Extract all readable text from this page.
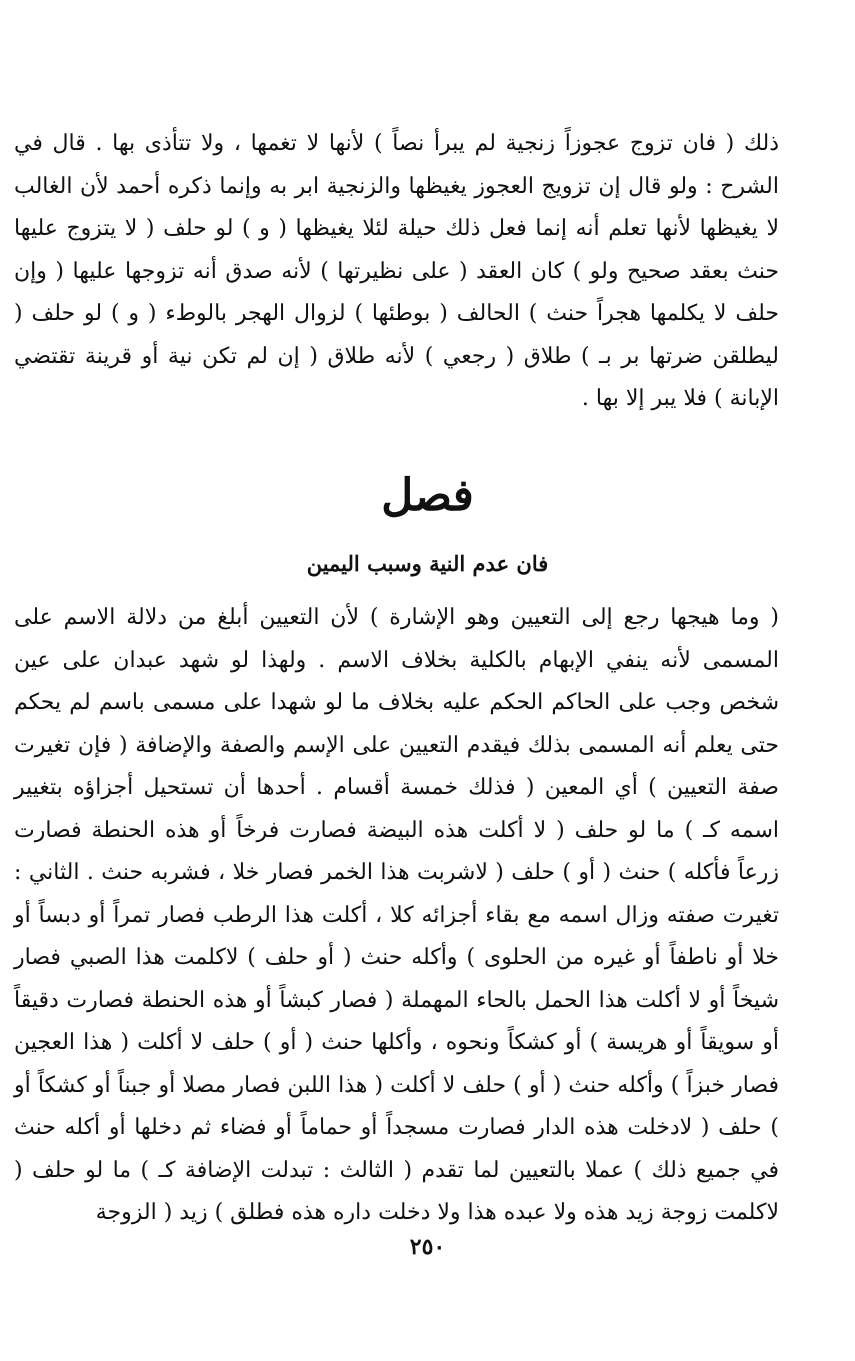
ذلك ( فان تزوج عجوزاً زنجية لم يبرأ نصاً ) لأنها لا تغمها ، ولا تتأذى بها . قال في الشرح : ولو قال إن تزويج العجوز يغيظها والزنجية ابر به وإنما ذكره أحمد لأن الغالب لا يغيظها لأنها تعلم أنه إنما فعل ذلك حيلة لئلا يغيظها ( و ) لو حلف ( لا يتزوج عليها حنث بعقد صحيح ولو ) كان العقد ( على نظيرتها ) لأنه صدق أنه تزوجها عليها ( وإن حلف لا يكلمها هجراً حنث ) الحالف ( بوطئها ) لزوال الهجر بالوطء ( و ) لو حلف ( ليطلقن ضرتها بر بـ ) طلاق ( رجعي ) لأنه طلاق ( إن لم تكن نية أو قرينة تقتضي الإبانة ) فلا يبر إلا بها .

فصل
فان عدم النية وسبب اليمين

( وما هيجها رجع إلى التعيين وهو الإشارة ) لأن التعيين أبلغ من دلالة الاسم على المسمى لأنه ينفي الإبهام بالكلية بخلاف الاسم . ولهذا لو شهد عبدان على عين شخص وجب على الحاكم الحكم عليه بخلاف ما لو شهدا على مسمى باسم لم يحكم حتى يعلم أنه المسمى بذلك فيقدم التعيين على الإسم والصفة والإضافة ( فإن تغيرت صفة التعيين ) أي المعين ( فذلك خمسة أقسام . أحدها أن تستحيل أجزاؤه بتغيير اسمه كـ ) ما لو حلف ( لا أكلت هذه البيضة فصارت فرخاً أو هذه الحنطة فصارت زرعاً فأكله ) حنث ( أو ) حلف ( لاشربت هذا الخمر فصار خلا ، فشربه حنث . الثاني : تغيرت صفته وزال اسمه مع بقاء أجزائه كلا ، أكلت هذا الرطب فصار تمراً أو دبساً أو خلا أو ناطفاً أو غيره من الحلوى ) وأكله حنث ( أو حلف ) لاكلمت هذا الصبي فصار شيخاً أو لا أكلت هذا الحمل بالحاء المهملة ( فصار كبشاً أو هذه الحنطة فصارت دقيقاً أو سويقاً أو هريسة ) أو كشكاً ونحوه ، وأكلها حنث ( أو ) حلف لا أكلت ( هذا العجين فصار خبزاً ) وأكله حنث ( أو ) حلف لا أكلت ( هذا اللبن فصار مصلا أو جبناً أو كشكاً أو ) حلف ( لادخلت هذه الدار فصارت مسجداً أو حماماً أو فضاء ثم دخلها أو أكله حنث في جميع ذلك ) عملا بالتعيين لما تقدم ( الثالث : تبدلت الإضافة كـ ) ما لو حلف ( لاكلمت زوجة زيد هذه ولا عبده هذا ولا دخلت داره هذه فطلق ) زيد ( الزوجة

٢٥٠
